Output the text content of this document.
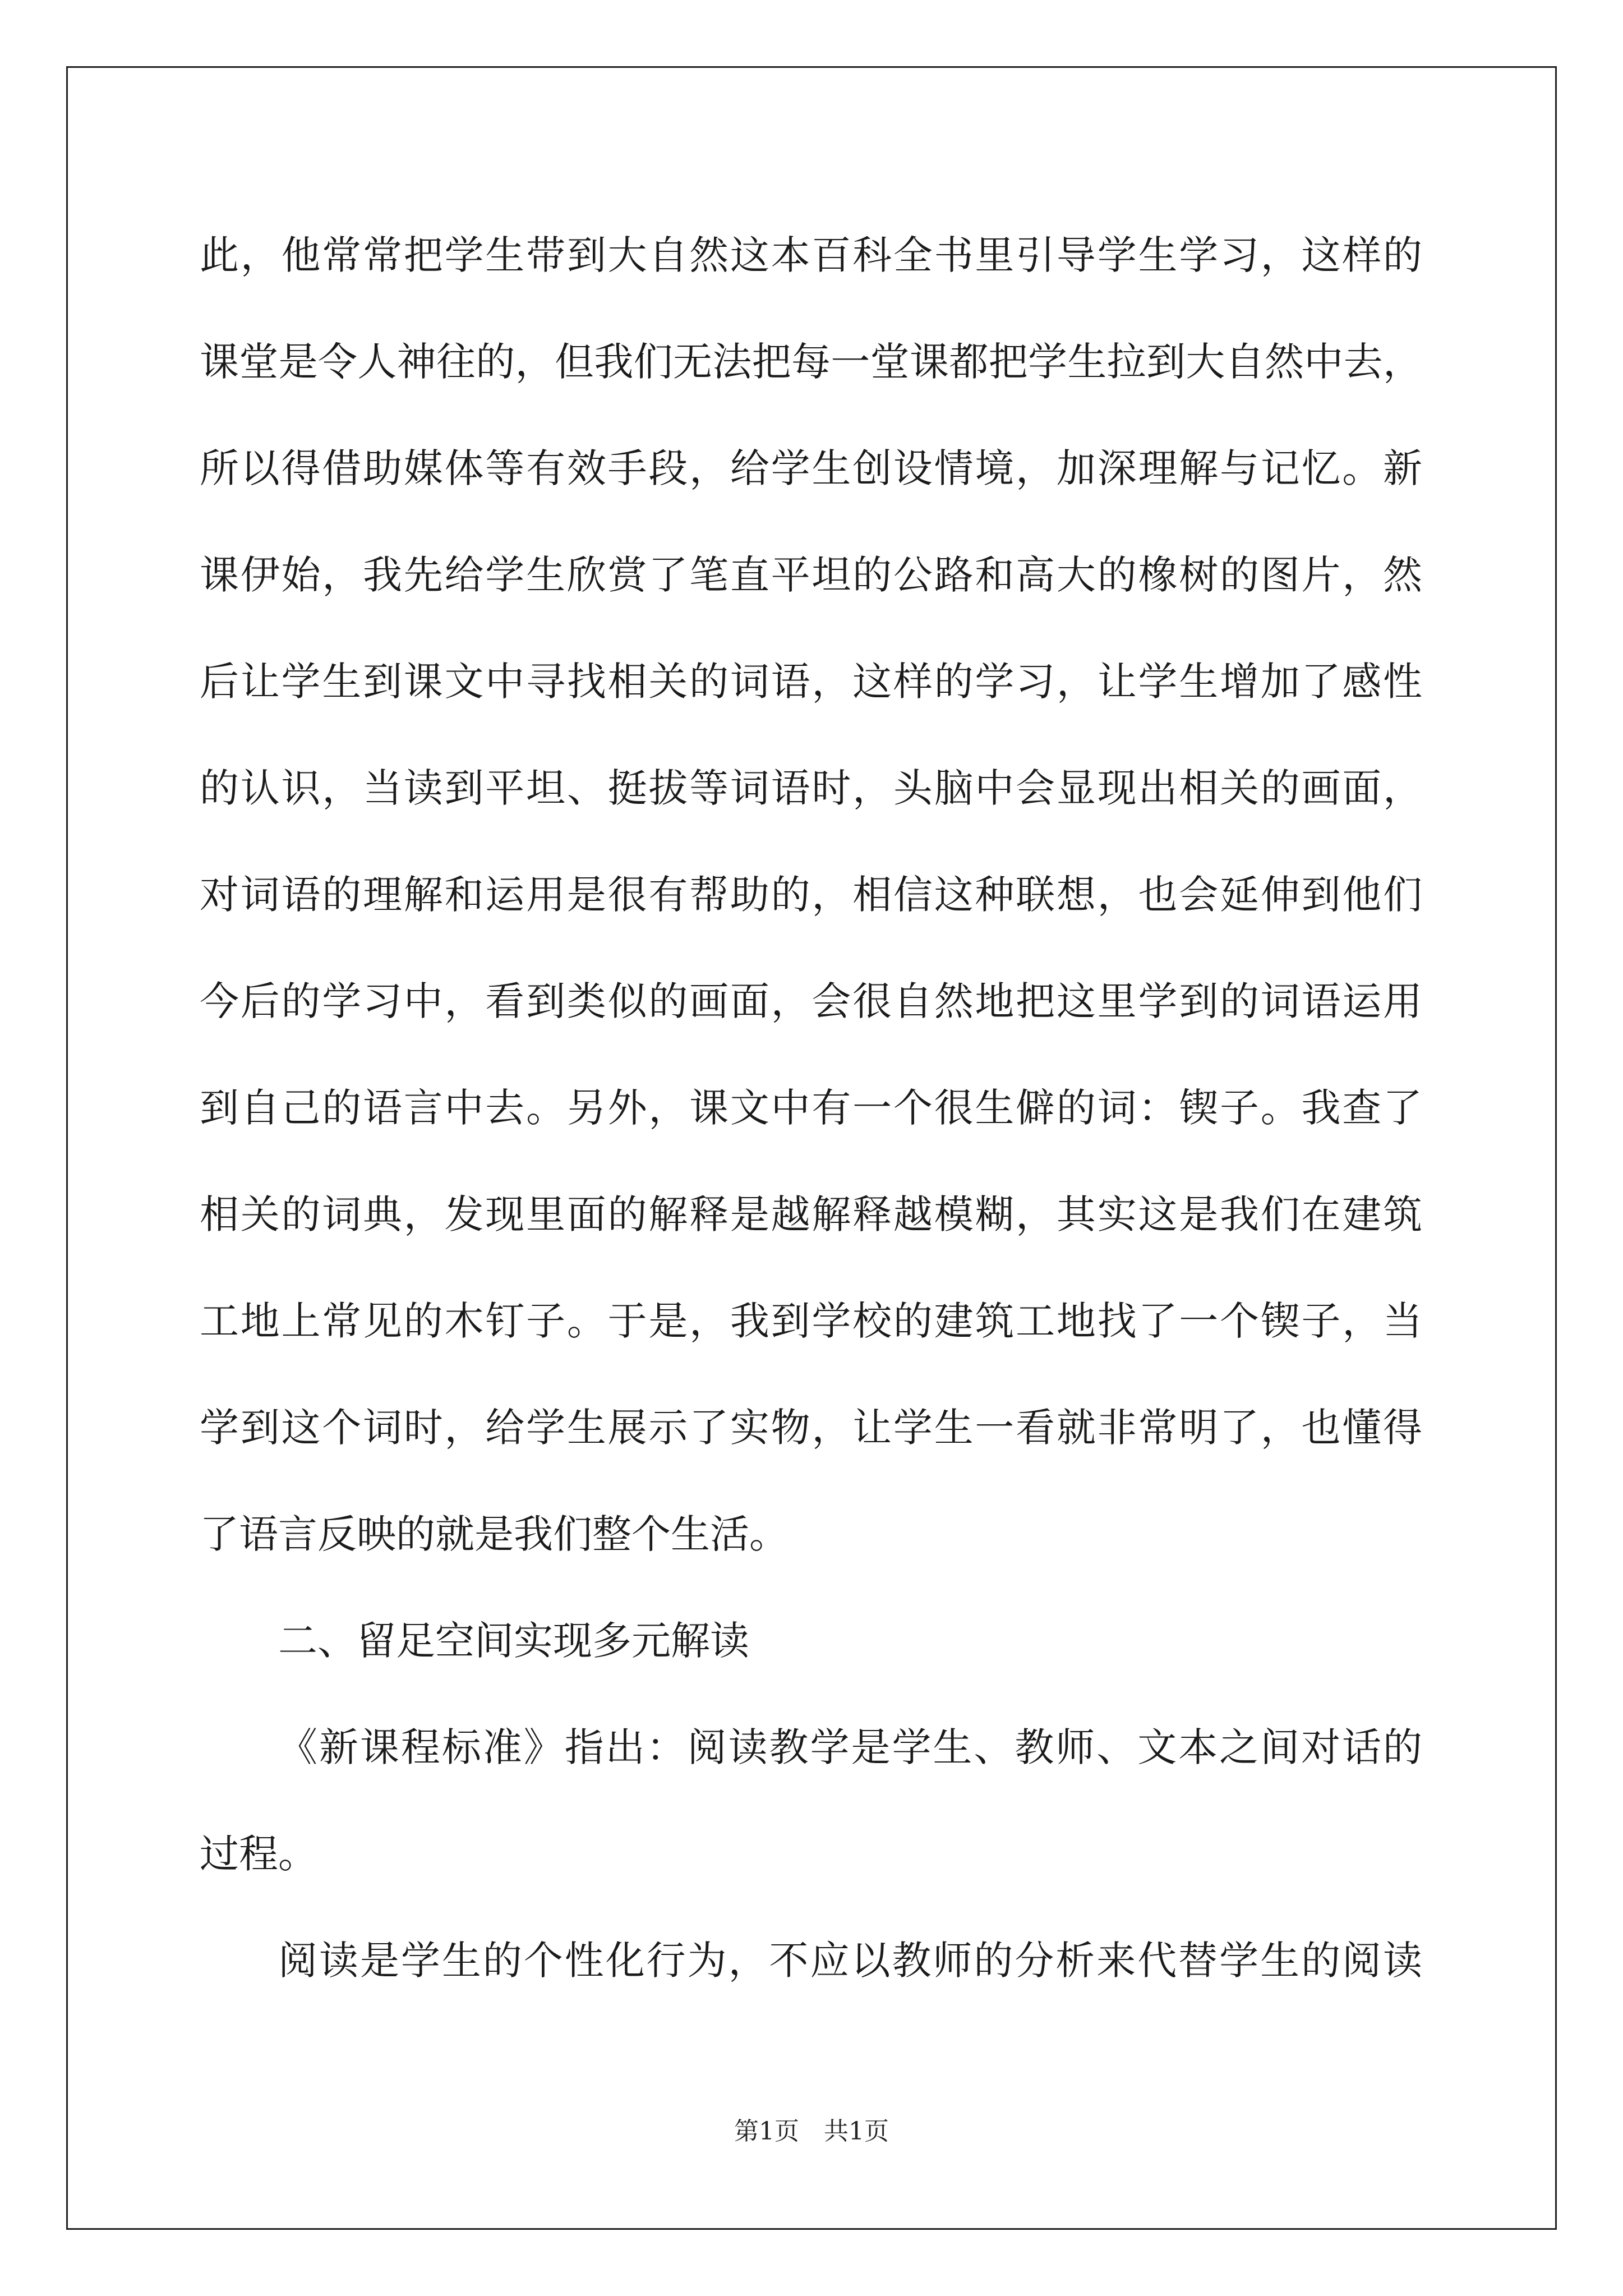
此，他常常把学生带到大自然这本百科全书里引导学生学习，这样的
课堂是令人神往的，但我们无法把每一堂课都把学生拉到大自然中去，
所以得借助媒体等有效手段，给学生创设情境，加深理解与记忆。新
课伊始，我先给学生欣赏了笔直平坦的公路和高大的橡树的图片，然
后让学生到课文中寻找相关的词语，这样的学习，让学生增加了感性
的认识，当读到平坦、挺拔等词语时，头脑中会显现出相关的画面，
对词语的理解和运用是很有帮助的，相信这种联想，也会延伸到他们
今后的学习中，看到类似的画面，会很自然地把这里学到的词语运用
到自己的语言中去。另外，课文中有一个很生僻的词：锲子。我查了
相关的词典，发现里面的解释是越解释越模糊，其实这是我们在建筑
工地上常见的木钉子。于是，我到学校的建筑工地找了一个锲子，当
学到这个词时，给学生展示了实物，让学生一看就非常明了，也懂得
了语言反映的就是我们整个生活。
二、留足空间实现多元解读
《新课程标准》指出：阅读教学是学生、教师、文本之间对话的
过程。
阅读是学生的个性化行为，不应以教师的分析来代替学生的阅读
第1页　共1页
